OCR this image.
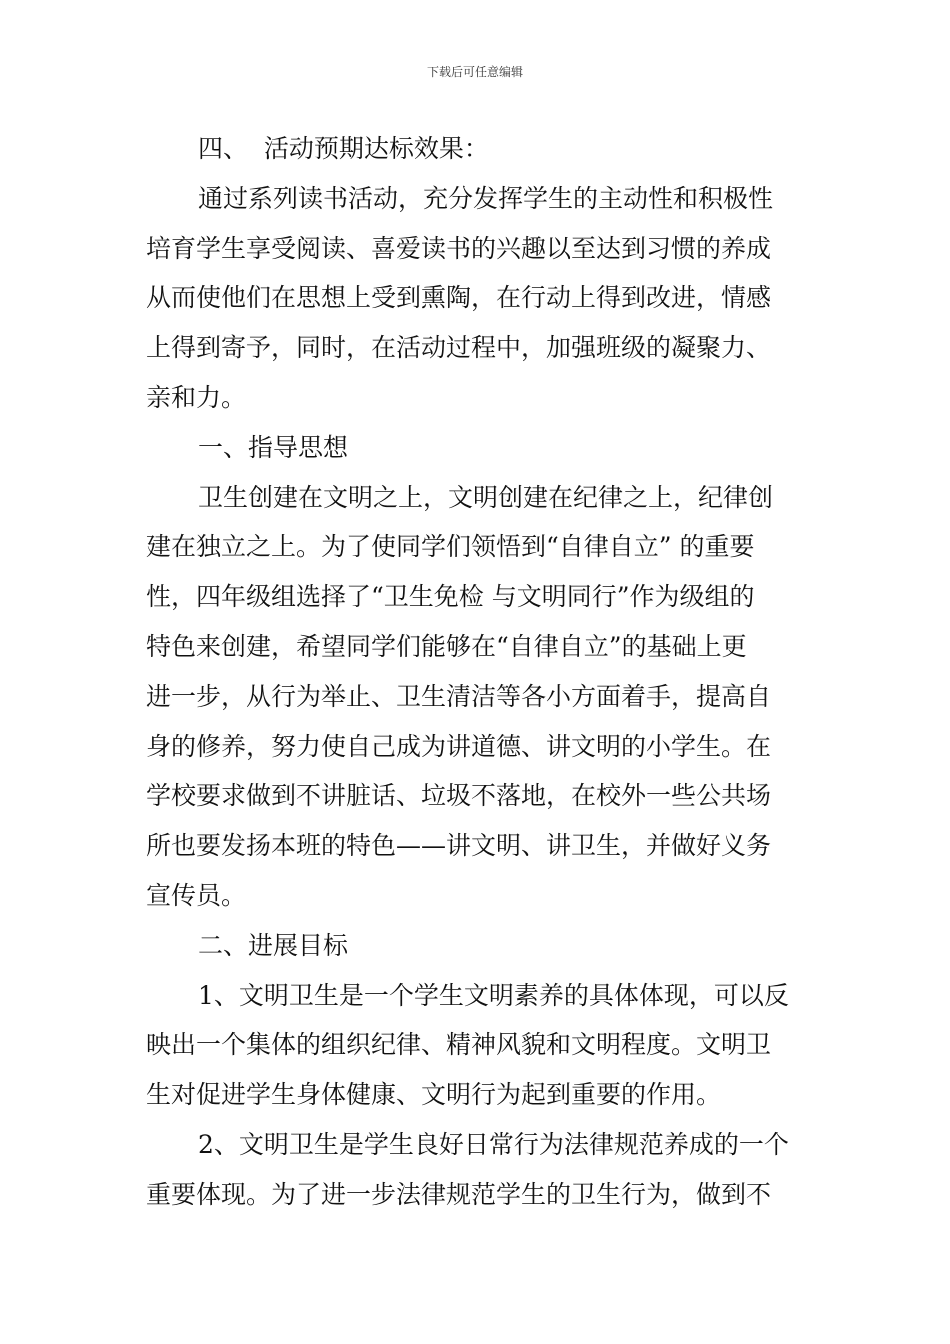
下载后可任意编辑
四、  活动预期达标效果：
通过系列读书活动，充分发挥学生的主动性和积极性
培育学生享受阅读、喜爱读书的兴趣以至达到习惯的养成
从而使他们在思想上受到熏陶，在行动上得到改进，情感
上得到寄予，同时，在活动过程中，加强班级的凝聚力、
亲和力。
一、指导思想
卫生创建在文明之上，文明创建在纪律之上，纪律创
建在独立之上。为了使同学们领悟到“自律自立” 的重要
性，四年级组选择了“卫生免检 与文明同行”作为级组的
特色来创建，希望同学们能够在“自律自立”的基础上更
进一步，从行为举止、卫生清洁等各小方面着手，提高自
身的修养，努力使自己成为讲道德、讲文明的小学生。在
学校要求做到不讲脏话、垃圾不落地，在校外一些公共场
所也要发扬本班的特色——讲文明、讲卫生，并做好义务
宣传员。
二、进展目标
1、文明卫生是一个学生文明素养的具体体现，可以反
映出一个集体的组织纪律、精神风貌和文明程度。文明卫
生对促进学生身体健康、文明行为起到重要的作用。
2、文明卫生是学生良好日常行为法律规范养成的一个
重要体现。为了进一步法律规范学生的卫生行为，做到不
